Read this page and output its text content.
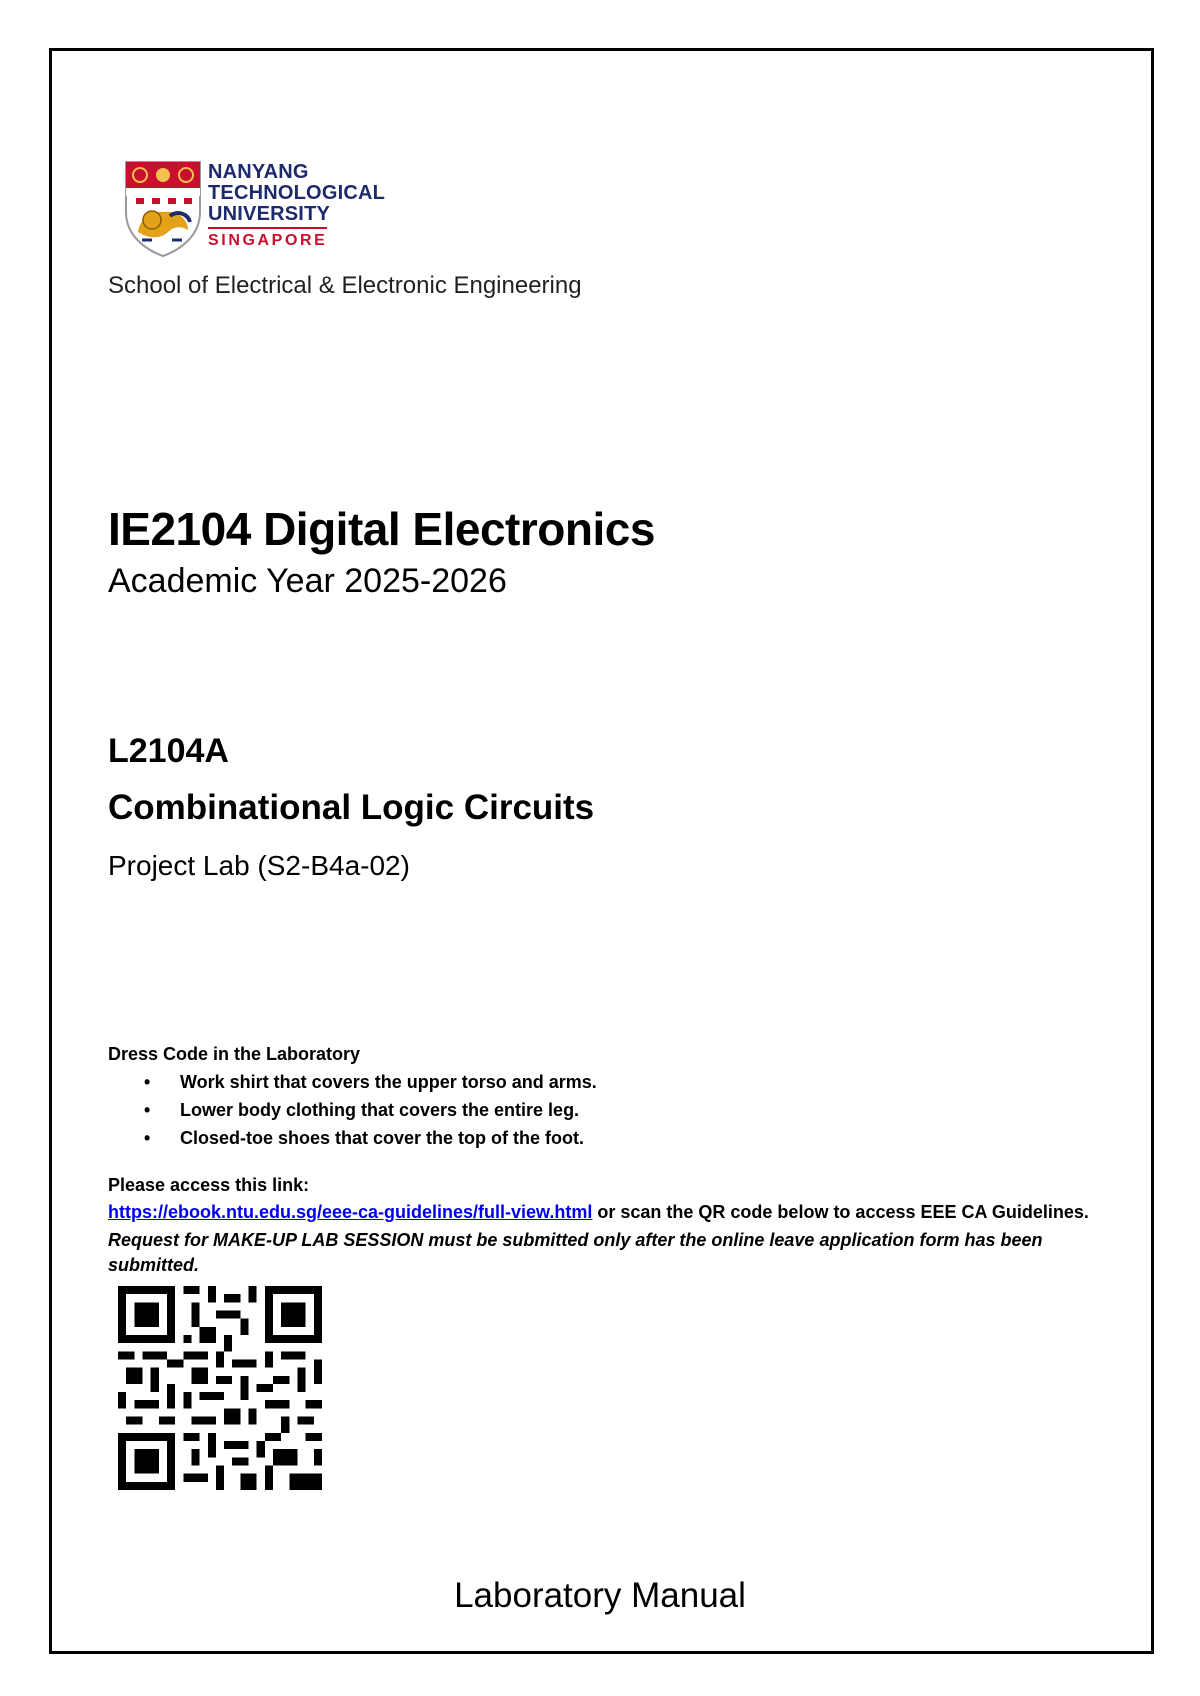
NANYANG
TECHNOLOGICAL
UNIVERSITY
SINGAPORE
School of Electrical & Electronic Engineering
IE2104 Digital Electronics
Academic Year 2025-2026
L2104A
Combinational Logic Circuits
Project Lab (S2-B4a-02)
Dress Code in the Laboratory
• Work shirt that covers the upper torso and arms.
• Lower body clothing that covers the entire leg.
• Closed-toe shoes that cover the top of the foot.
Please access this link:
https://ebook.ntu.edu.sg/eee-ca-guidelines/full-view.html or scan the QR code below to access EEE CA Guidelines.
Request for MAKE-UP LAB SESSION must be submitted only after the online leave application form has been submitted.
Laboratory Manual
